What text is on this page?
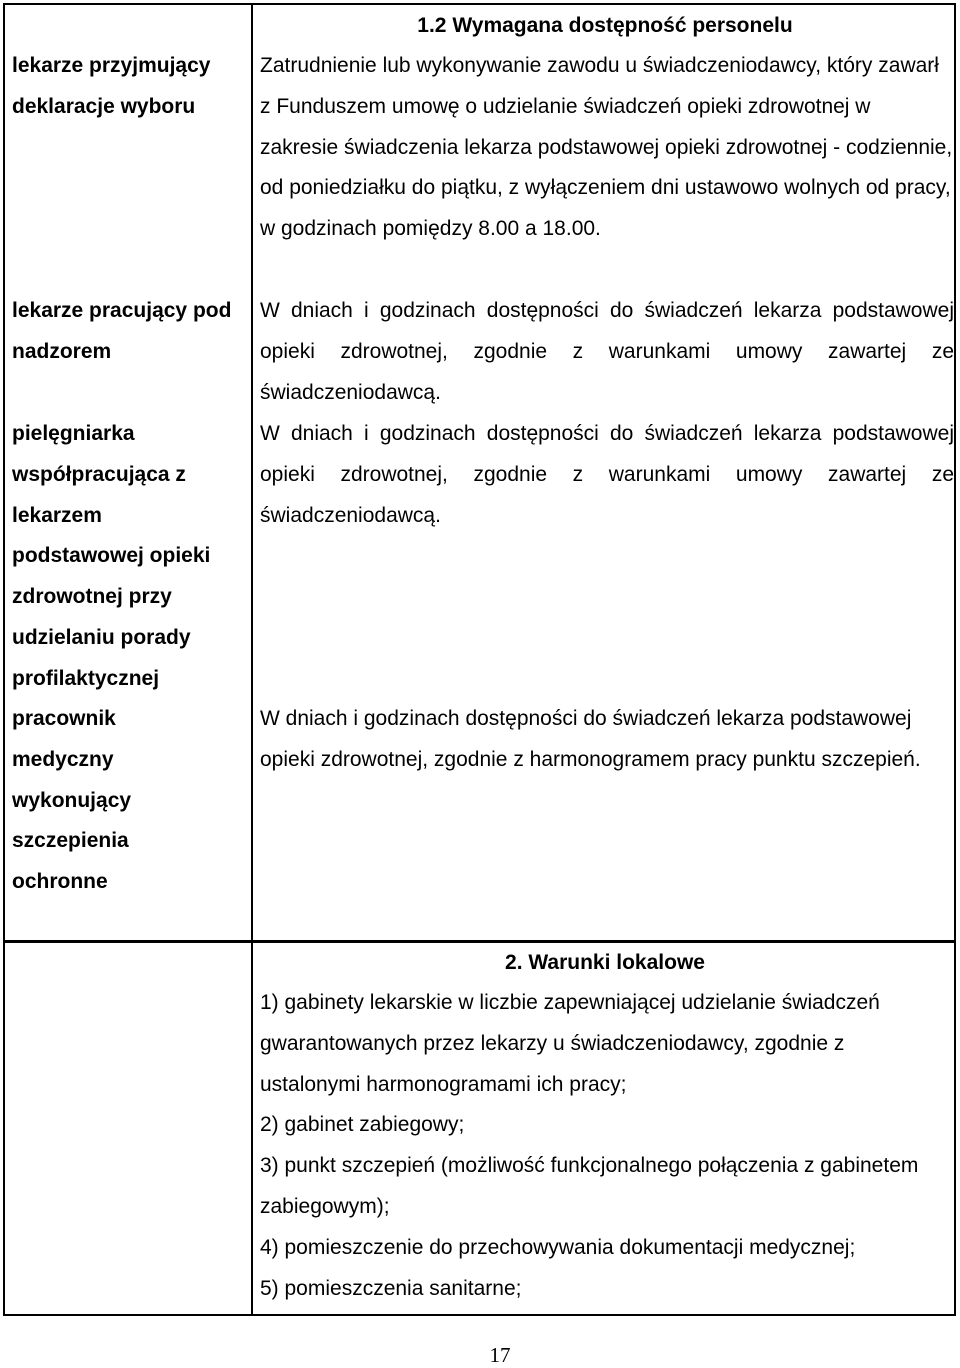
1.2 Wymagana dostępność personelu
lekarze przyjmujący deklaracje wyboru
Zatrudnienie lub wykonywanie zawodu u świadczeniodawcy, który zawarł z Funduszem umowę o udzielanie świadczeń opieki zdrowotnej w zakresie świadczenia lekarza podstawowej opieki zdrowotnej - codziennie, od poniedziałku do piątku, z wyłączeniem dni ustawowo wolnych od pracy, w godzinach pomiędzy 8.00 a 18.00.
lekarze pracujący pod nadzorem
W dniach i godzinach dostępności do świadczeń lekarza podstawowej opieki zdrowotnej, zgodnie z warunkami umowy zawartej ze świadczeniodawcą.
pielęgniarka współpracująca z lekarzem podstawowej opieki zdrowotnej przy udzielaniu porady profilaktycznej
W dniach i godzinach dostępności do świadczeń lekarza podstawowej opieki zdrowotnej, zgodnie z warunkami umowy zawartej ze świadczeniodawcą.
pracownik medyczny wykonujący szczepienia ochronne
W dniach i godzinach dostępności do świadczeń lekarza podstawowej opieki zdrowotnej, zgodnie z harmonogramem pracy punktu szczepień.
2. Warunki lokalowe

1) gabinety lekarskie w liczbie zapewniającej udzielanie świadczeń gwarantowanych przez lekarzy u świadczeniodawcy, zgodnie z ustalonymi harmonogramami ich pracy;

2) gabinet zabiegowy;

3) punkt szczepień (możliwość funkcjonalnego połączenia z gabinetem zabiegowym);

4) pomieszczenie do przechowywania dokumentacji medycznej;

5) pomieszczenia sanitarne;

17
